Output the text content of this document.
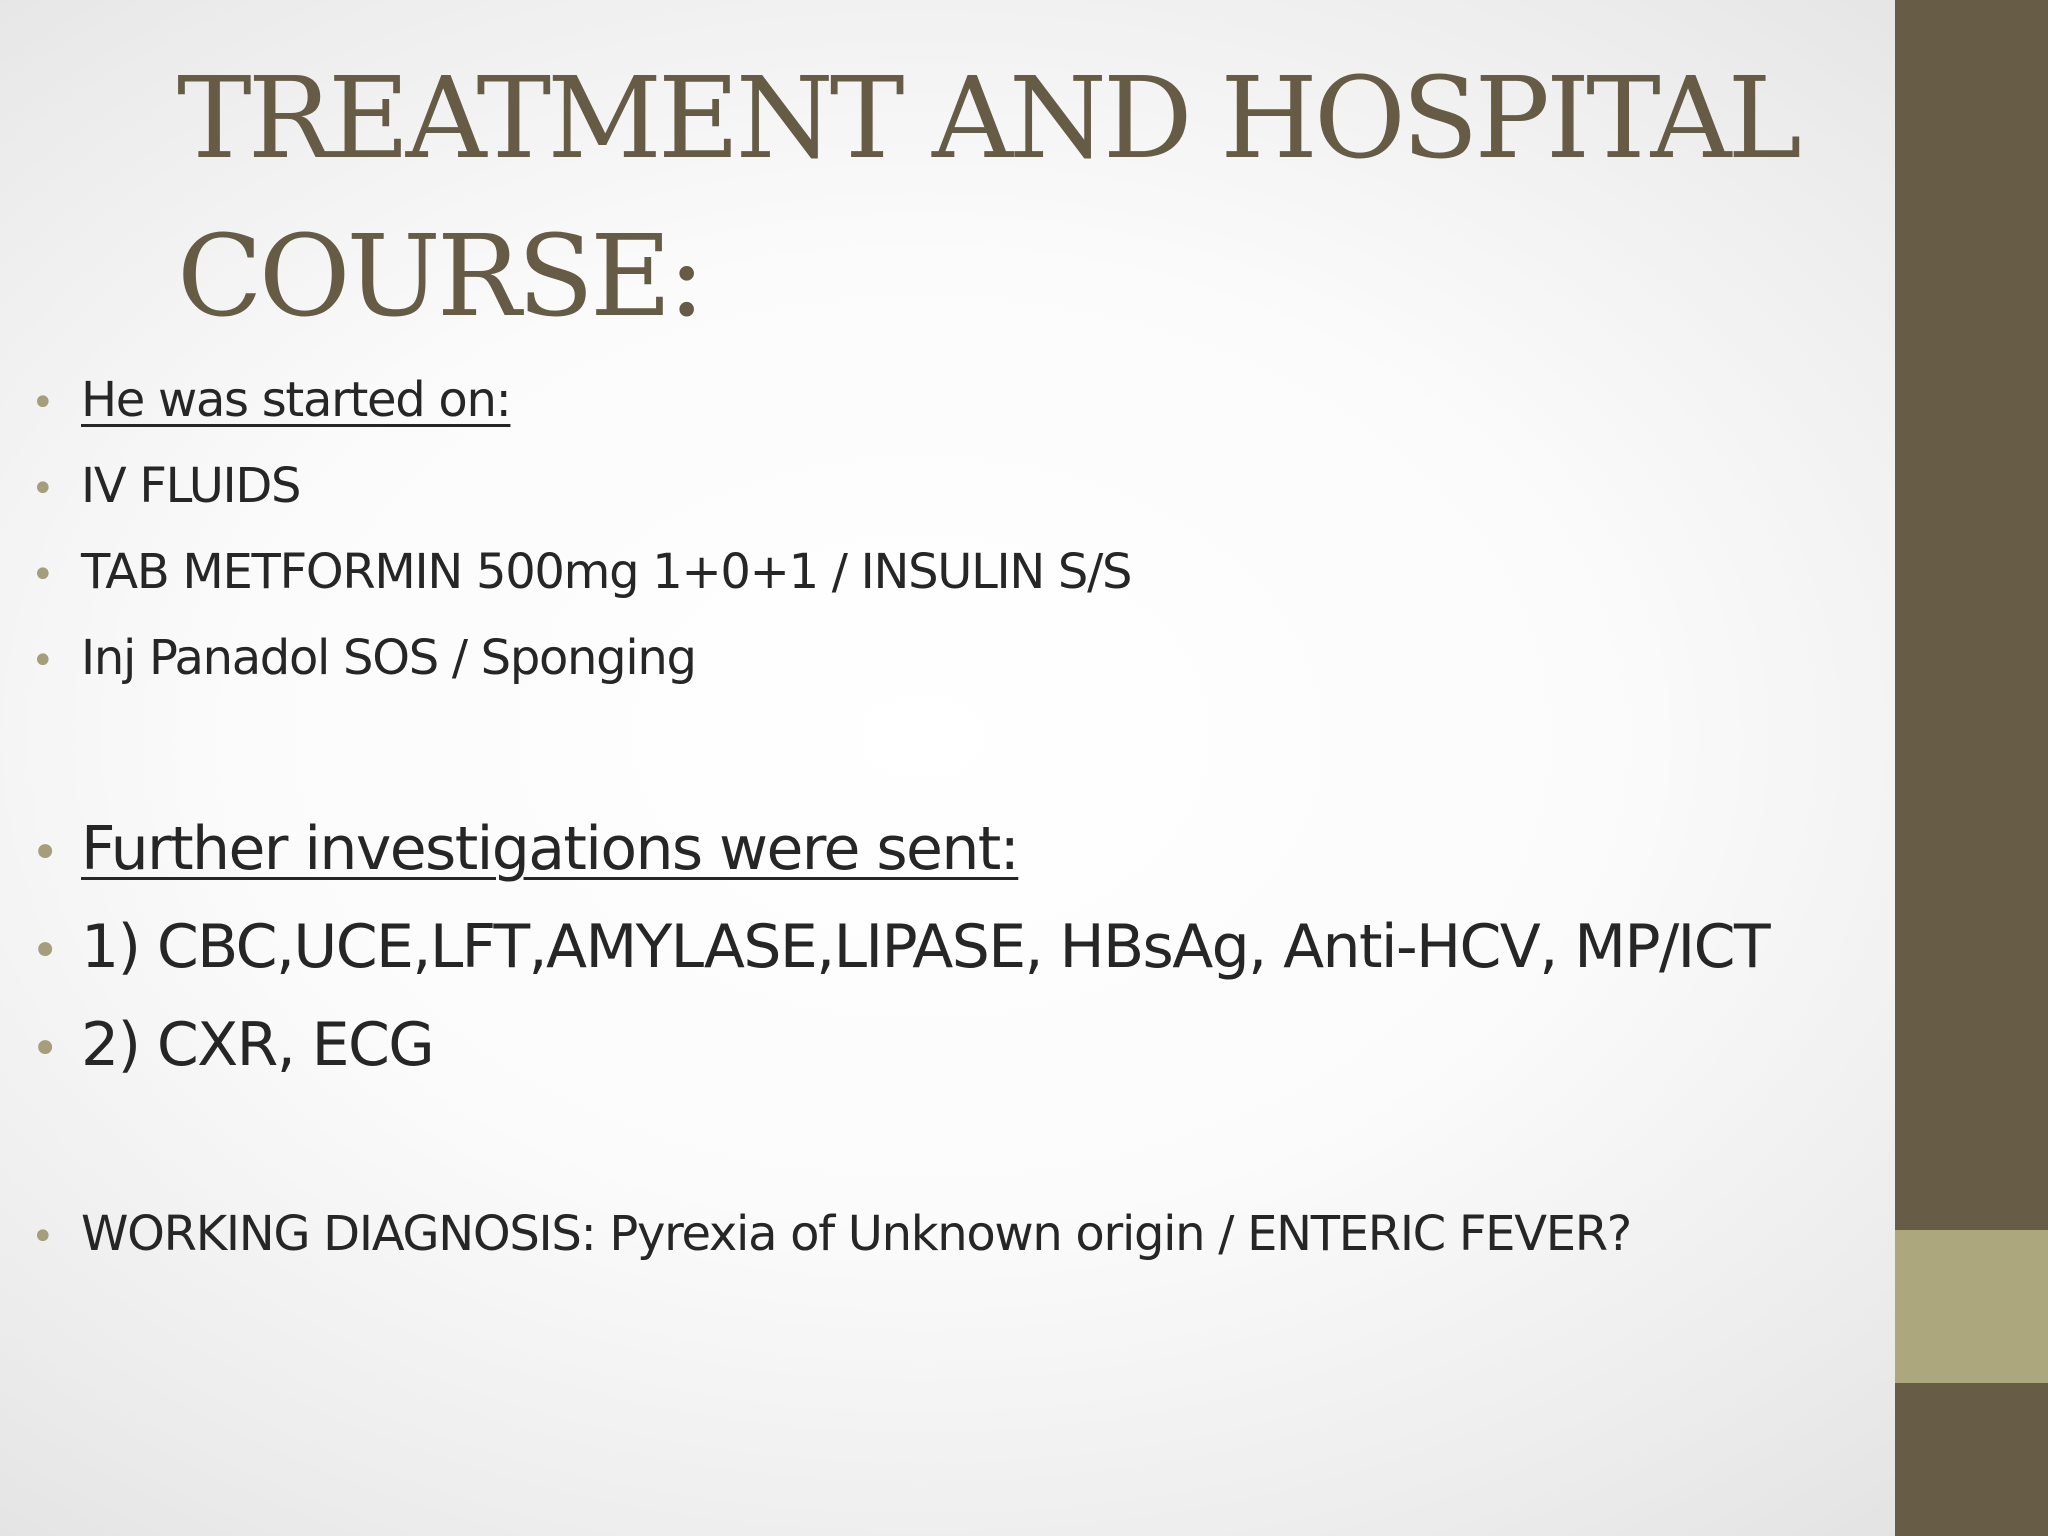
TREATMENT AND HOSPITAL COURSE:
• He was started on:
• IV FLUIDS
• TAB METFORMIN 500mg 1+0+1 / INSULIN S/S
• Inj Panadol SOS / Sponging
• Further investigations were sent:
• 1) CBC,UCE,LFT,AMYLASE,LIPASE, HBsAg, Anti-HCV, MP/ICT
• 2) CXR, ECG
• WORKING DIAGNOSIS: Pyrexia of Unknown origin / ENTERIC FEVER?
